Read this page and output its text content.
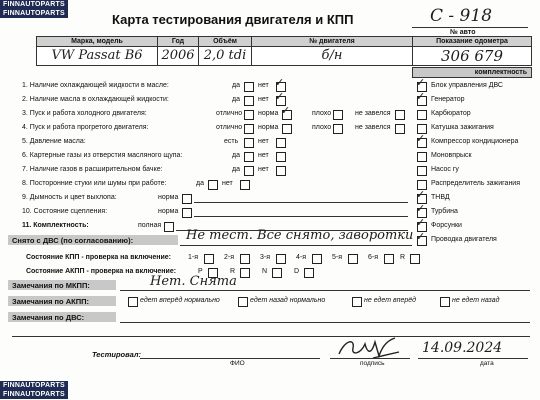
FINNAUTOPARTS
FINNAUTOPARTS
FINNAUTOPARTS
FINNAUTOPARTS
Карта тестирования двигателя и КПП	С - 918
№ авто
Марка, модель	Год	Объём	№ двигателя	Показание одометра
VW Passat B6	2006 2,0 tdi	б/н	306 679
комплектность
1. Наличие охлаждающей жидкости в масле:	да	нет ✓
2. Наличие масла в охлаждающей жидкости:	да	нет ✓
3. Пуск и работа холодного двигателя:	отлично норма ✓	плохо	не завелся
4. Пуск и работа прогретого двигателя:	отлично норма	плохо	не завелся
5. Давление масла:	есть	нет
6. Картерные газы из отверстия масляного щупа:	да	нет
7. Наличие газов в расширительном бачке:	да	нет
8. Посторонние стуки или шумы при работе:	да	нет
9. Дымность и цвет выхлопа:	норма
10. Состояние сцепления:	норма
11. Комплектность:	полная
✓ Блок управления ДВС
✓ Генератор
Карбюратор
Катушка зажигания
✓ Компрессор кондиционера
Моновпрыск
Насос гу
Распределитель зажигания
✓ ТНВД
✓ Турбина
✓ Форсунки
✓ Проводка двигателя
Снято с ДВС (по согласованию):	Не тест. Все снято, заворотки
Состояние КПП - проверка на включение: 1-я	2-я	3-я	4-я	5-я	6-я	R
Состояние АКПП - проверка на включение:	P	R	N	D
Замечания по МКПП:	Нет. Снята
Замечания по АКПП:	едет вперёд нормально	едет назад нормально	не едет вперёд	не едет назад
Замечания по ДВС:
Тестировал:
ФИО	подпись
14.09.2024
дата
